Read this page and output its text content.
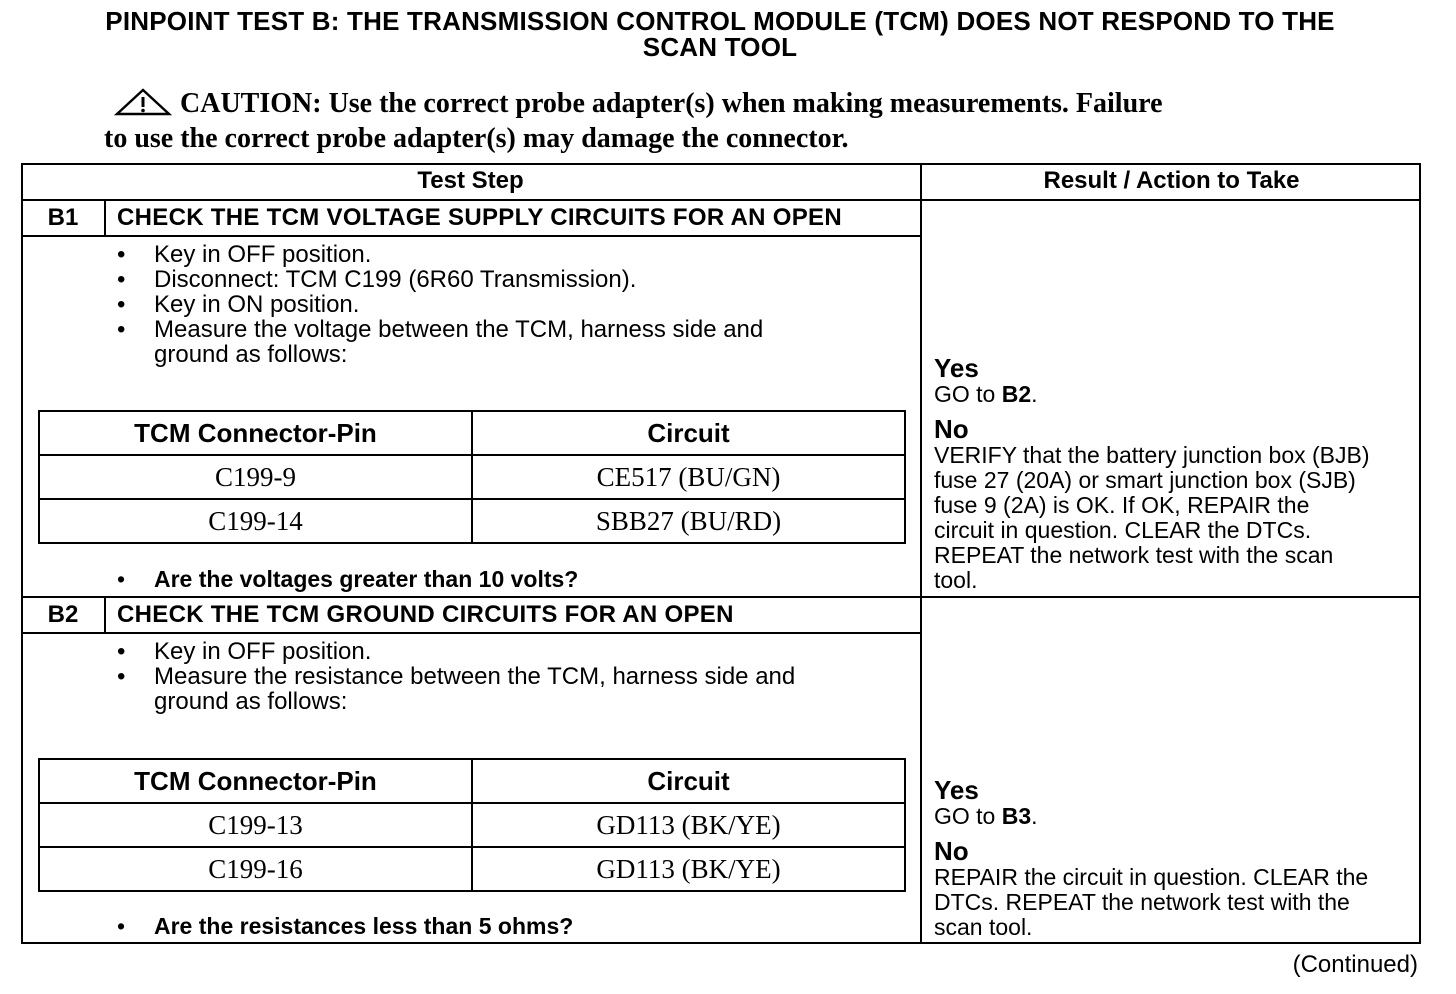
PINPOINT TEST B: THE TRANSMISSION CONTROL MODULE (TCM) DOES NOT RESPOND TO THE
SCAN TOOL
CAUTION: Use the correct probe adapter(s) when making measurements. Failure
to use the correct probe adapter(s) may damage the connector.
Test Step	Result / Action to Take
B1	CHECK THE TCM VOLTAGE SUPPLY CIRCUITS FOR AN OPEN
• Key in OFF position.
• Disconnect: TCM C199 (6R60 Transmission).
• Key in ON position.
• Measure the voltage between the TCM, harness side and ground as follows:
TCM Connector-Pin	Circuit
C199-9	CE517 (BU/GN)
C199-14	SBB27 (BU/RD)
• Are the voltages greater than 10 volts?
Yes
GO to B2.
No
VERIFY that the battery junction box (BJB)
fuse 27 (20A) or smart junction box (SJB)
fuse 9 (2A) is OK. If OK, REPAIR the
circuit in question. CLEAR the DTCs.
REPEAT the network test with the scan
tool.
B2	CHECK THE TCM GROUND CIRCUITS FOR AN OPEN
• Key in OFF position.
• Measure the resistance between the TCM, harness side and ground as follows:
TCM Connector-Pin	Circuit
C199-13	GD113 (BK/YE)
C199-16	GD113 (BK/YE)
• Are the resistances less than 5 ohms?
Yes
GO to B3.
No
REPAIR the circuit in question. CLEAR the
DTCs. REPEAT the network test with the
scan tool.
(Continued)
